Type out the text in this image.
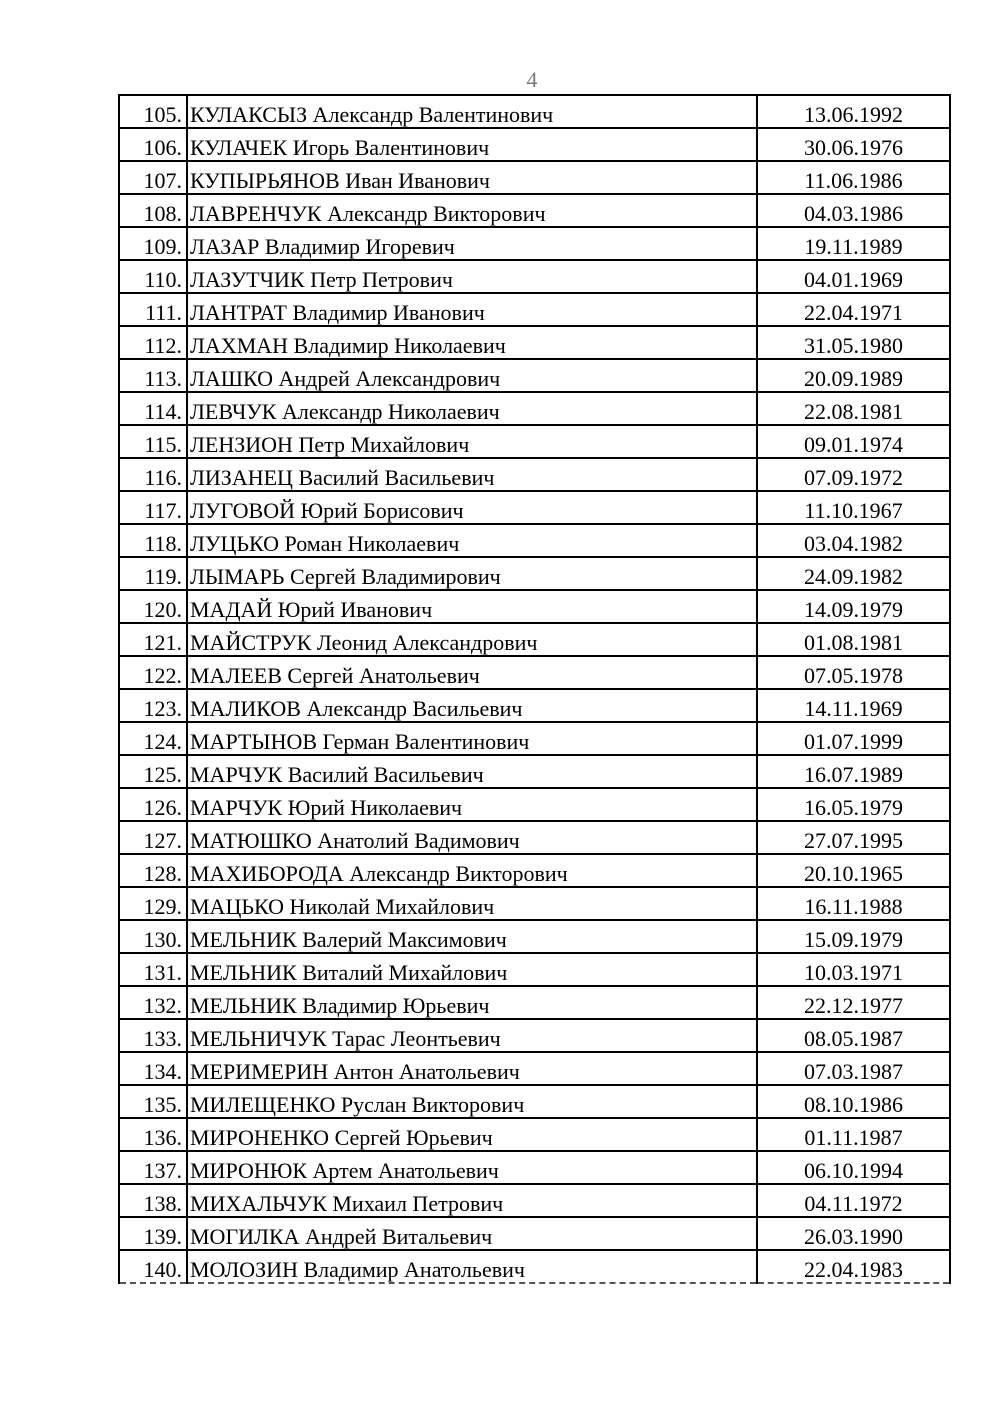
4
105.	КУЛАКСЫЗ Александр Валентинович	13.06.1992
106.	КУЛАЧЕК Игорь Валентинович	30.06.1976
107.	КУПЫРЬЯНОВ Иван Иванович	11.06.1986
108.	ЛАВРЕНЧУК Александр Викторович	04.03.1986
109.	ЛАЗАР Владимир Игоревич	19.11.1989
110.	ЛАЗУТЧИК Петр Петрович	04.01.1969
111.	ЛАНТРАТ Владимир Иванович	22.04.1971
112.	ЛАХМАН Владимир Николаевич	31.05.1980
113.	ЛАШКО Андрей Александрович	20.09.1989
114.	ЛЕВЧУК Александр Николаевич	22.08.1981
115.	ЛЕНЗИОН Петр Михайлович	09.01.1974
116.	ЛИЗАНЕЦ Василий Васильевич	07.09.1972
117.	ЛУГОВОЙ Юрий Борисович	11.10.1967
118.	ЛУЦЬКО Роман Николаевич	03.04.1982
119.	ЛЫМАРЬ Сергей Владимирович	24.09.1982
120.	МАДАЙ Юрий Иванович	14.09.1979
121.	МАЙСТРУК Леонид Александрович	01.08.1981
122.	МАЛЕЕВ Сергей Анатольевич	07.05.1978
123.	МАЛИКОВ Александр Васильевич	14.11.1969
124.	МАРТЫНОВ Герман Валентинович	01.07.1999
125.	МАРЧУК Василий Васильевич	16.07.1989
126.	МАРЧУК Юрий Николаевич	16.05.1979
127.	МАТЮШКО Анатолий Вадимович	27.07.1995
128.	МАХИБОРОДА Александр Викторович	20.10.1965
129.	МАЦЬКО Николай Михайлович	16.11.1988
130.	МЕЛЬНИК Валерий Максимович	15.09.1979
131.	МЕЛЬНИК Виталий Михайлович	10.03.1971
132.	МЕЛЬНИК Владимир Юрьевич	22.12.1977
133.	МЕЛЬНИЧУК Тарас Леонтьевич	08.05.1987
134.	МЕРИМЕРИН Антон Анатольевич	07.03.1987
135.	МИЛЕЩЕНКО Руслан Викторович	08.10.1986
136.	МИРОНЕНКО Сергей Юрьевич	01.11.1987
137.	МИРОНЮК Артем Анатольевич	06.10.1994
138.	МИХАЛЬЧУК Михаил Петрович	04.11.1972
139.	МОГИЛКА Андрей Витальевич	26.03.1990
140.	МОЛОЗИН Владимир Анатольевич	22.04.1983
